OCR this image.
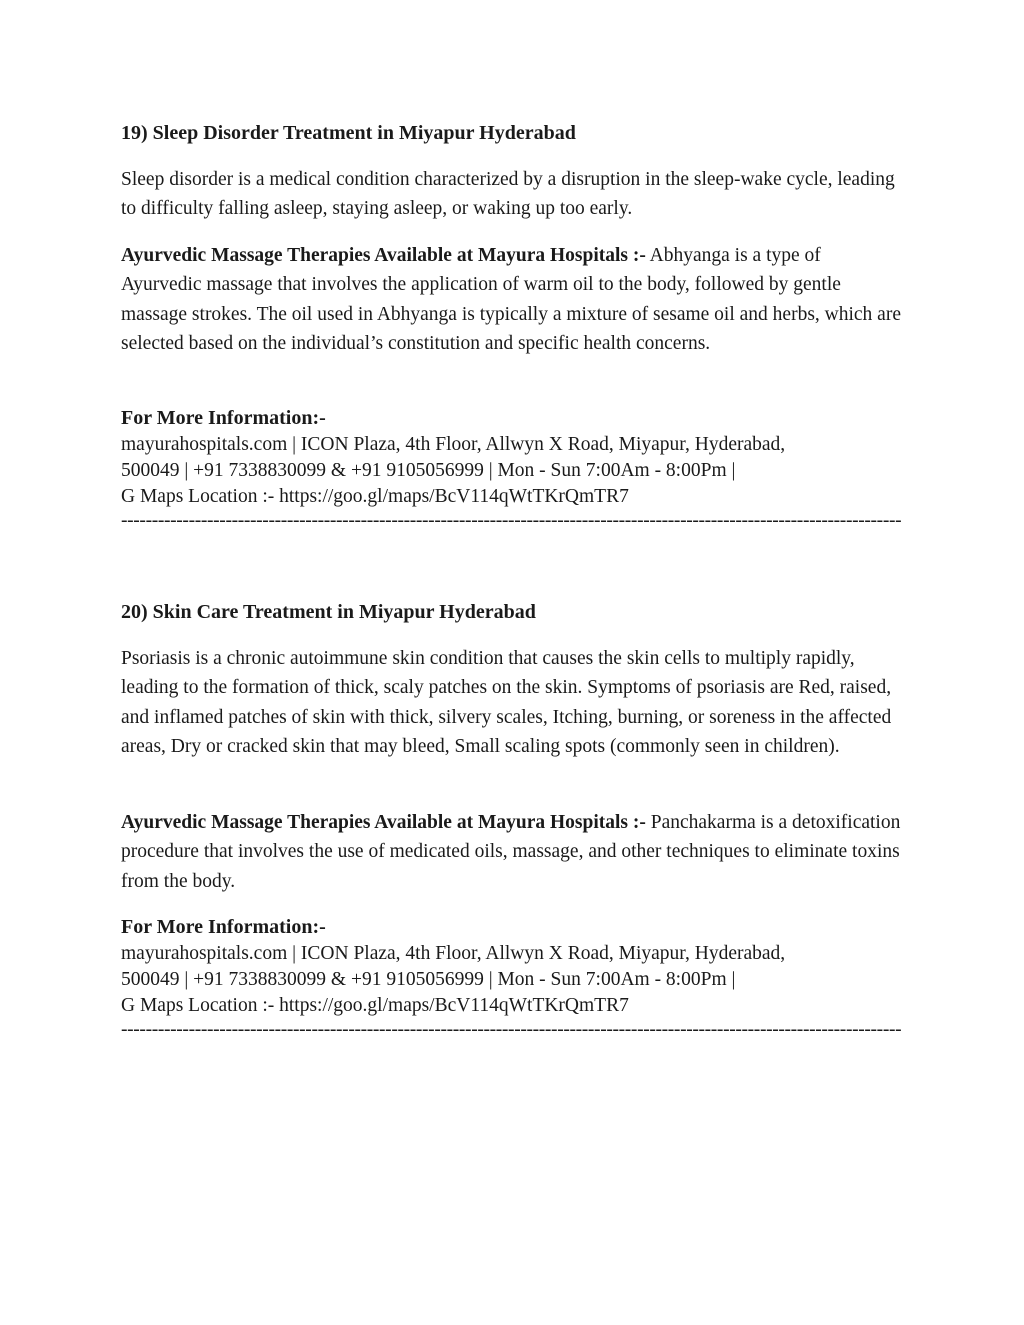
19) Sleep Disorder Treatment in Miyapur Hyderabad

Sleep disorder is a medical condition characterized by a disruption in the sleep-wake cycle, leading to difficulty falling asleep, staying asleep, or waking up too early.

Ayurvedic Massage Therapies Available at Mayura Hospitals :- Abhyanga is a type of Ayurvedic massage that involves the application of warm oil to the body, followed by gentle massage strokes. The oil used in Abhyanga is typically a mixture of sesame oil and herbs, which are selected based on the individual’s constitution and specific health concerns.

For More Information:-

mayurahospitals.com | ICON Plaza, 4th Floor, Allwyn X Road, Miyapur, Hyderabad,

500049 | +91 7338830099 & +91 9105056999 | Mon - Sun 7:00Am - 8:00Pm |

G Maps Location :- https://goo.gl/maps/BcV114qWtTKrQmTR7

-------------------------------------------------------------------------------------------------------------------------------

20) Skin Care Treatment in Miyapur Hyderabad

Psoriasis is a chronic autoimmune skin condition that causes the skin cells to multiply rapidly, leading to the formation of thick, scaly patches on the skin. Symptoms of psoriasis are Red, raised, and inflamed patches of skin with thick, silvery scales, Itching, burning, or soreness in the affected areas, Dry or cracked skin that may bleed, Small scaling spots (commonly seen in children).

Ayurvedic Massage Therapies Available at Mayura Hospitals :- Panchakarma is a detoxification procedure that involves the use of medicated oils, massage, and other techniques to eliminate toxins from the body.

For More Information:-

mayurahospitals.com | ICON Plaza, 4th Floor, Allwyn X Road, Miyapur, Hyderabad,

500049 | +91 7338830099 & +91 9105056999 | Mon - Sun 7:00Am - 8:00Pm |

G Maps Location :- https://goo.gl/maps/BcV114qWtTKrQmTR7

-------------------------------------------------------------------------------------------------------------------------------
